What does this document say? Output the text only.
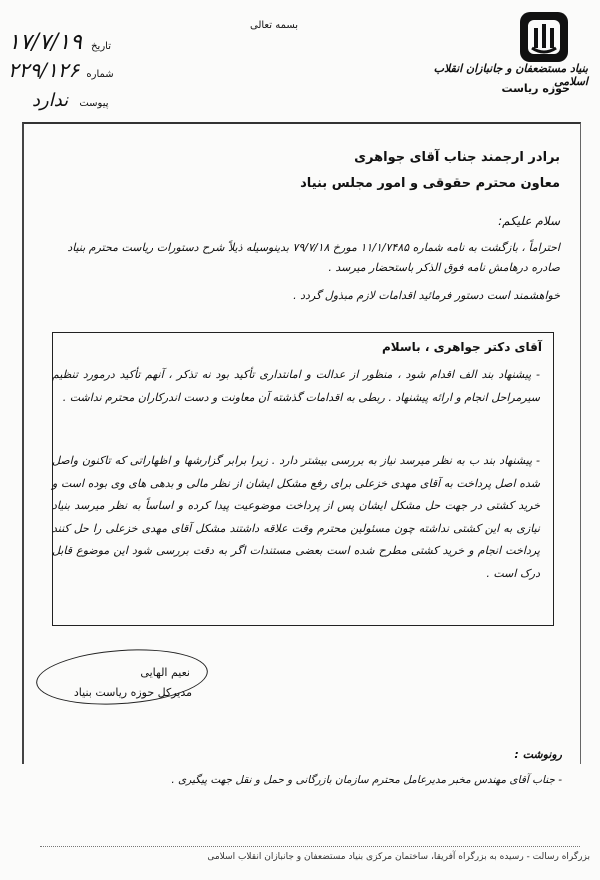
بنیاد مستضعفان و جانبازان انقلاب اسلامی
حوزه ریاست
بسمه تعالی
۱۷/۷/۱۹ تاریخ
۲۲۹/۱۲۶ شماره
ندارد پیوست
برادر ارجمند جناب آقای جواهری
معاون محترم حقوقی و امور مجلس بنیاد
سلام علیکم:
احتراماً ، بازگشت به نامه شماره ۱۱/۱/۷۴۸۵ مورخ ۷۹/۷/۱۸ بدینوسیله ذیلاً شرح دستورات ریاست محترم بنیاد صادره درهامش نامه فوق الذکر باستحضار میرسد .
خواهشمند است دستور فرمائید اقدامات لازم مبذول گردد .
آقای دکتر جواهری ، باسلام
- پیشنهاد بند الف اقدام شود ، منظور از عدالت و امانتداری تأکید بود نه تذکر ، آنهم تأکید درمورد تنظیم سیرمراحل انجام و ارائه پیشنهاد . ربطی به اقدامات گذشته آن معاونت و دست اندرکاران محترم نداشت .
- پیشنهاد بند ب به نظر میرسد نیاز به بررسی بیشتر دارد . زیرا برابر گزارشها و اظهاراتی که تاکنون واصل شده اصل پرداخت به آقای مهدی خزعلی برای رفع مشکل ایشان از نظر مالی و بدهی های وی بوده است و خرید کشتی در جهت حل مشکل ایشان پس از پرداخت موضوعیت پیدا کرده و اساساً به نظر میرسد بنیاد نیازی به این کشتی نداشته چون مسئولین محترم وقت علاقه داشتند مشکل آقای مهدی خزعلی را حل کنند پرداخت انجام و خرید کشتی مطرح شده است بعضی مستندات اگر به دقت بررسی شود این موضوع قابل درک است .
نعیم الهایی
مدیرکل حوزه ریاست بنیاد
رونوشت :
- جناب آقای مهندس مخبر مدیرعامل محترم سازمان بازرگانی و حمل و نقل جهت پیگیری .
بزرگراه رسالت - رسیده به بزرگراه آفریقا، ساختمان مرکزی بنیاد مستضعفان و جانبازان انقلاب اسلامی
